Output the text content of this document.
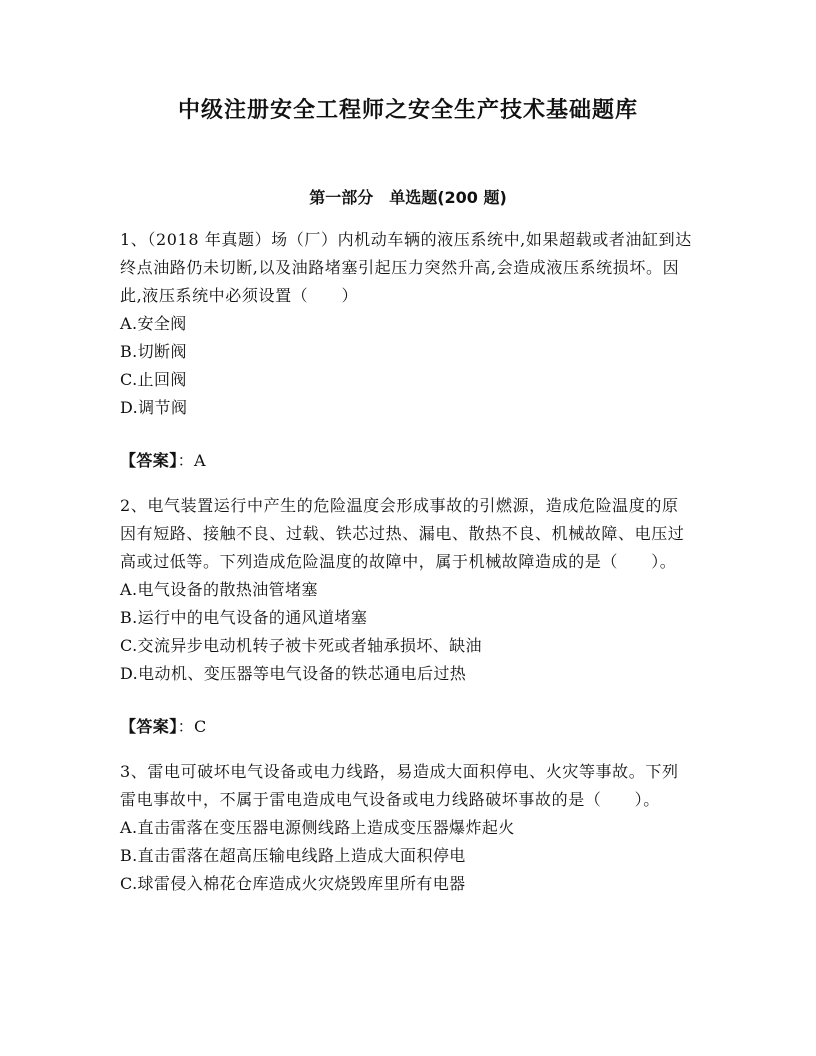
中级注册安全工程师之安全生产技术基础题库
第一部分　单选题(200 题)

1、（2018 年真题）场（厂）内机动车辆的液压系统中,如果超载或者油缸到达终点油路仍未切断,以及油路堵塞引起压力突然升高,会造成液压系统损坏。因此,液压系统中必须设置（　　）

A.安全阀

B.切断阀

C.止回阀

D.调节阀

【答案】：A

2、电气装置运行中产生的危险温度会形成事故的引燃源，造成危险温度的原因有短路、接触不良、过载、铁芯过热、漏电、散热不良、机械故障、电压过高或过低等。下列造成危险温度的故障中，属于机械故障造成的是（　　）。

A.电气设备的散热油管堵塞

B.运行中的电气设备的通风道堵塞

C.交流异步电动机转子被卡死或者轴承损坏、缺油

D.电动机、变压器等电气设备的铁芯通电后过热

【答案】：C

3、雷电可破坏电气设备或电力线路，易造成大面积停电、火灾等事故。下列雷电事故中，不属于雷电造成电气设备或电力线路破坏事故的是（　　）。

A.直击雷落在变压器电源侧线路上造成变压器爆炸起火

B.直击雷落在超高压输电线路上造成大面积停电

C.球雷侵入棉花仓库造成火灾烧毁库里所有电器
